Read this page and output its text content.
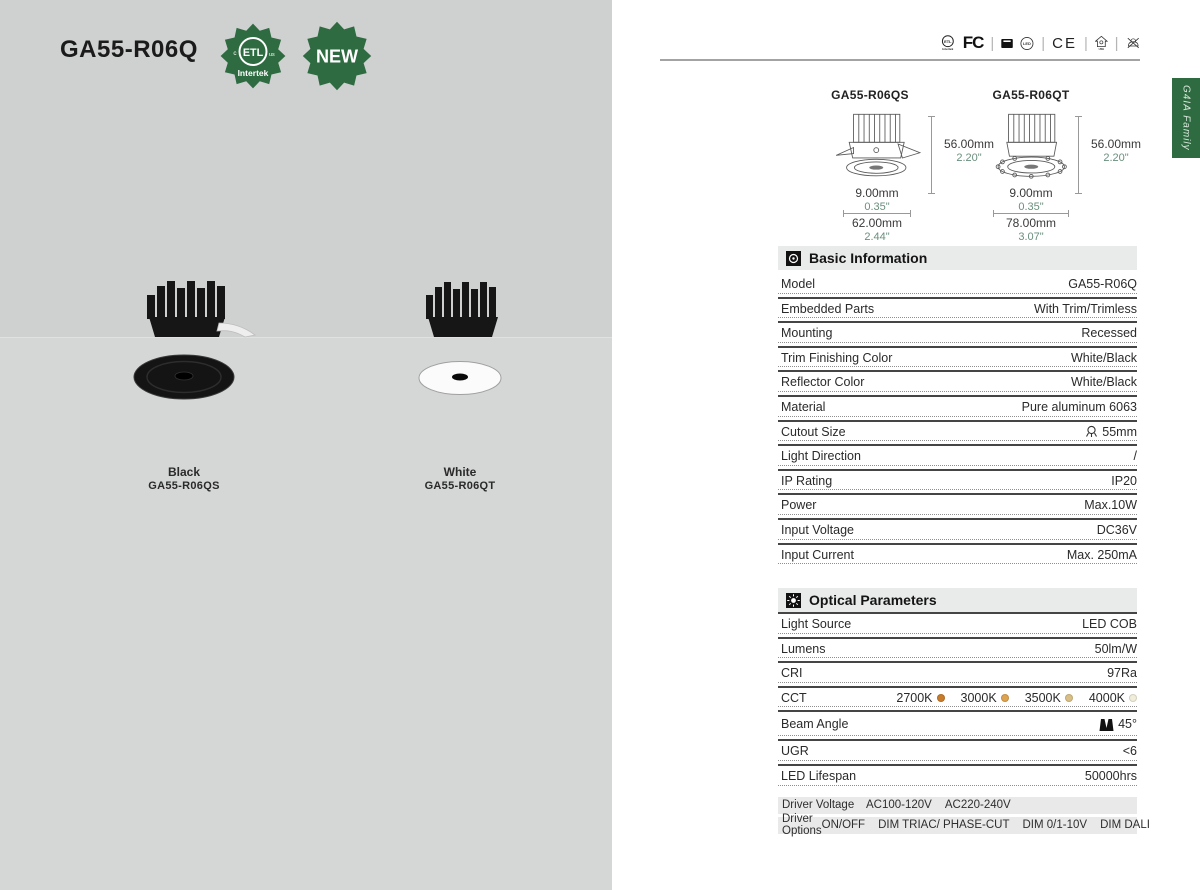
GA55-R06Q	ETL
c	us
Intertek
NEW
Black
GA55-R06QS
White
GA55-R06QT
ETL
Intertek FC |	LED | CE | USE |
G4IA Family
GA55-R06QS	GA55-R06QT
56.00mm
2.20"
9.00mm
0.35"
62.00mm
2.44"
56.00mm
2.20"
9.00mm
0.35"
78.00mm
3.07"
Basic Information
Model	GA55-R06Q
Embedded Parts	With Trim/Trimless
Mounting	Recessed
Trim Finishing Color	White/Black
Reflector Color	White/Black
Material	Pure aluminum 6063
Cutout Size	55mm
Light Direction	/
IP Rating	IP20
Power	Max.10W
Input Voltage	DC36V
Input Current	Max. 250mA
Optical Parameters
Light Source	LED COB
Lumens	50lm/W
CRI	97Ra
CCT	2700K 3000K 3500K 4000K
Beam Angle	45°
UGR	<6
LED Lifespan	50000hrs
Driver Voltage	AC100-120V AC220-240V
Driver Options ON/OFF DIM TRIAC/ PHASE-CUT DIM 0/1-10V DIM DALI
